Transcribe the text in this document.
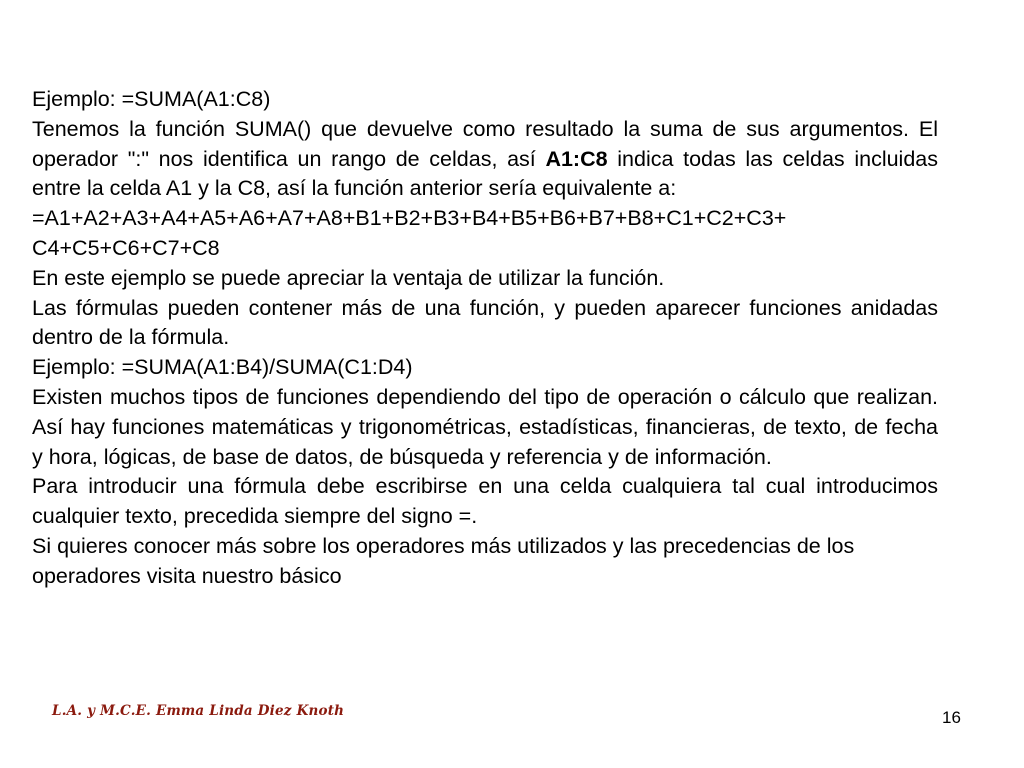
Ejemplo: =SUMA(A1:C8)

Tenemos la función SUMA() que devuelve como resultado la suma de sus argumentos. El operador ":" nos identifica un rango de celdas, así A1:C8 indica todas las celdas incluidas entre la celda A1 y la C8, así la función anterior sería equivalente a:

=A1+A2+A3+A4+A5+A6+A7+A8+B1+B2+B3+B4+B5+B6+B7+B8+C1+C2+C3+

C4+C5+C6+C7+C8

En este ejemplo se puede apreciar la ventaja de utilizar la función.

Las fórmulas pueden contener más de una función, y pueden aparecer funciones anidadas dentro de la fórmula.

Ejemplo: =SUMA(A1:B4)/SUMA(C1:D4)

Existen muchos tipos de funciones dependiendo del tipo de operación o cálculo que realizan. Así hay funciones matemáticas y trigonométricas, estadísticas, financieras, de texto, de fecha y hora, lógicas, de base de datos, de búsqueda y referencia y de información.

Para introducir una fórmula debe escribirse en una celda cualquiera tal cual introducimos cualquier texto, precedida siempre del signo =.

Si quieres conocer más sobre los operadores más utilizados y las precedencias de los operadores visita nuestro básico

L.A. y M.C.E. Emma Linda Diez Knoth	16
